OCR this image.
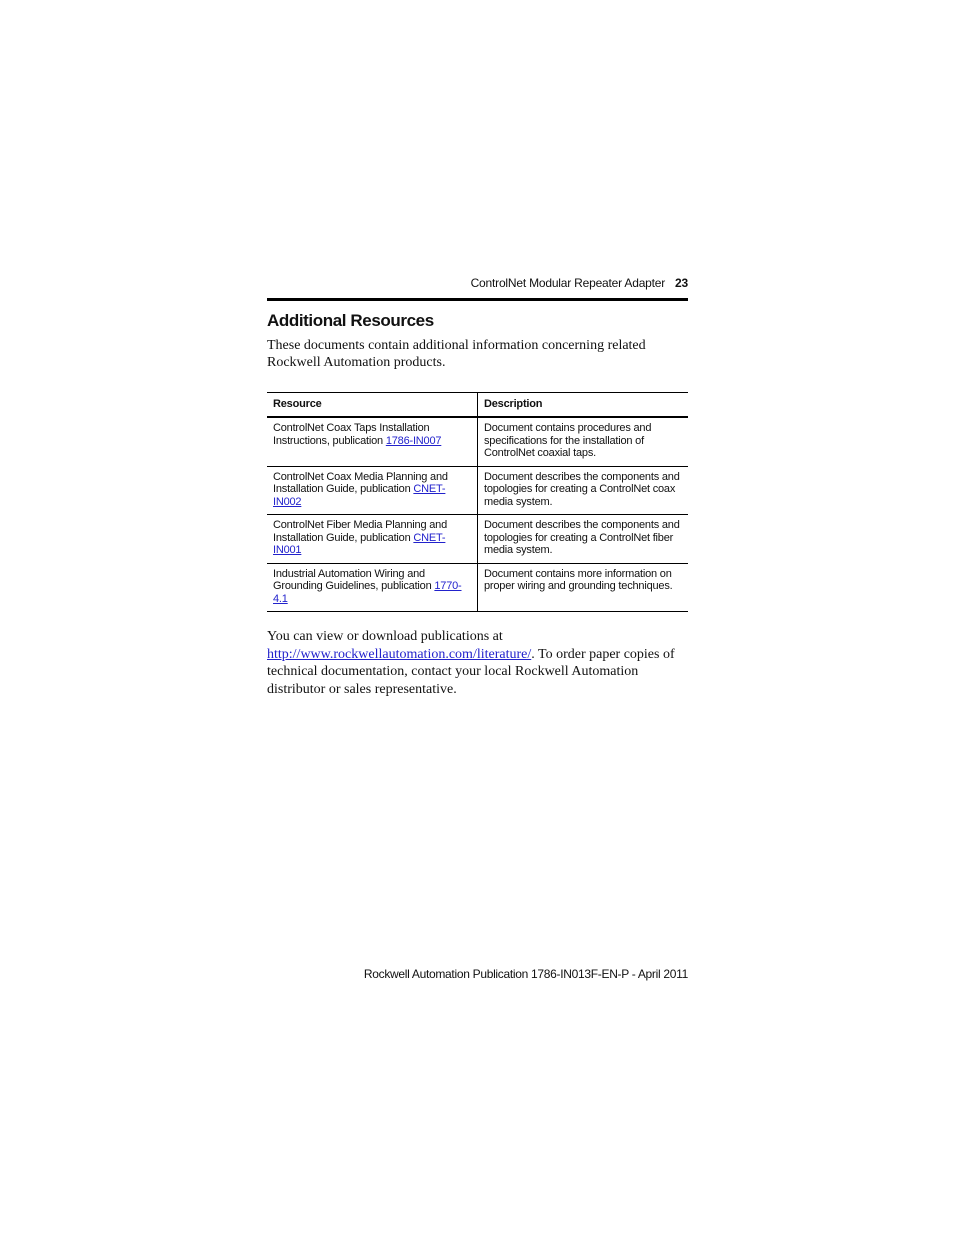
ControlNet Modular Repeater Adapter 23
Additional Resources

These documents contain additional information concerning related Rockwell Automation products.

Resource	Description
ControlNet Coax Taps Installation Instructions, publication 1786-IN007	Document contains procedures and specifications for the installation of ControlNet coaxial taps.
ControlNet Coax Media Planning and Installation Guide, publication CNET-IN002	Document describes the components and topologies for creating a ControlNet coax media system.
ControlNet Fiber Media Planning and Installation Guide, publication CNET-IN001	Document describes the components and topologies for creating a ControlNet fiber media system.
Industrial Automation Wiring and Grounding Guidelines, publication 1770-4.1	Document contains more information on proper wiring and grounding techniques.

You can view or download publications at http://www.rockwellautomation.com/literature/. To order paper copies of technical documentation, contact your local Rockwell Automation distributor or sales representative.

Rockwell Automation Publication 1786-IN013F-EN-P - April 2011
